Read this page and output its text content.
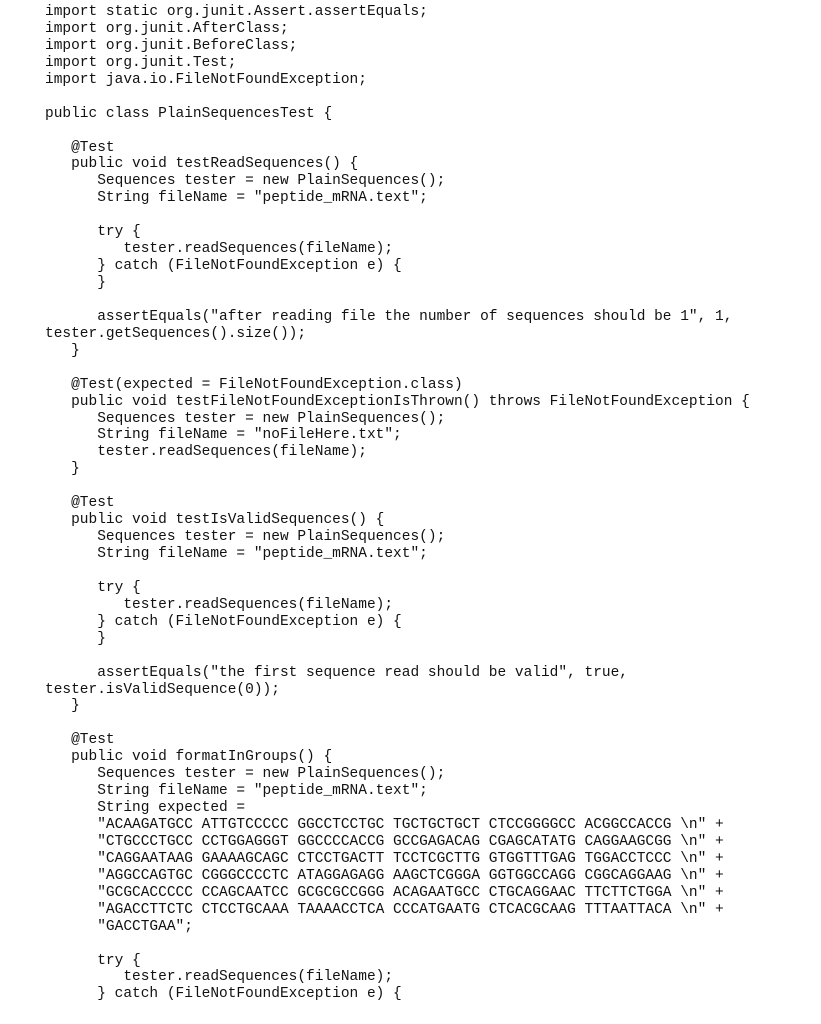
import static org.junit.Assert.assertEquals;
import org.junit.AfterClass;
import org.junit.BeforeClass;
import org.junit.Test;
import java.io.FileNotFoundException;
public class PlainSequencesTest {
@Test
public void testReadSequences() {
Sequences tester = new PlainSequences();
String fileName = "peptide_mRNA.text";
try {
tester.readSequences(fileName);
} catch (FileNotFoundException e) {
}
assertEquals("after reading file the number of sequences should be 1", 1,
tester.getSequences().size());
}
@Test(expected = FileNotFoundException.class)
public void testFileNotFoundExceptionIsThrown() throws FileNotFoundException {
Sequences tester = new PlainSequences();
String fileName = "noFileHere.txt";
tester.readSequences(fileName);
}
@Test
public void testIsValidSequences() {
Sequences tester = new PlainSequences();
String fileName = "peptide_mRNA.text";
try {
tester.readSequences(fileName);
} catch (FileNotFoundException e) {
}
assertEquals("the first sequence read should be valid", true,
tester.isValidSequence(0));
}
@Test
public void formatInGroups() {
Sequences tester = new PlainSequences();
String fileName = "peptide_mRNA.text";
String expected =
"ACAAGATGCC ATTGTCCCCC GGCCTCCTGC TGCTGCTGCT CTCCGGGGCC ACGGCCACCG \n" +
"CTGCCCTGCC CCTGGAGGGT GGCCCCACCG GCCGAGACAG CGAGCATATG CAGGAAGCGG \n" +
"CAGGAATAAG GAAAAGCAGC CTCCTGACTT TCCTCGCTTG GTGGTTTGAG TGGACCTCCC \n" +
"AGGCCAGTGC CGGGCCCCTC ATAGGAGAGG AAGCTCGGGA GGTGGCCAGG CGGCAGGAAG \n" +
"GCGCACCCCC CCAGCAATCC GCGCGCCGGG ACAGAATGCC CTGCAGGAAC TTCTTCTGGA \n" +
"AGACCTTCTC CTCCTGCAAA TAAAACCTCA CCCATGAATG CTCACGCAAG TTTAATTACA \n" +
"GACCTGAA";
try {
tester.readSequences(fileName);
} catch (FileNotFoundException e) {
